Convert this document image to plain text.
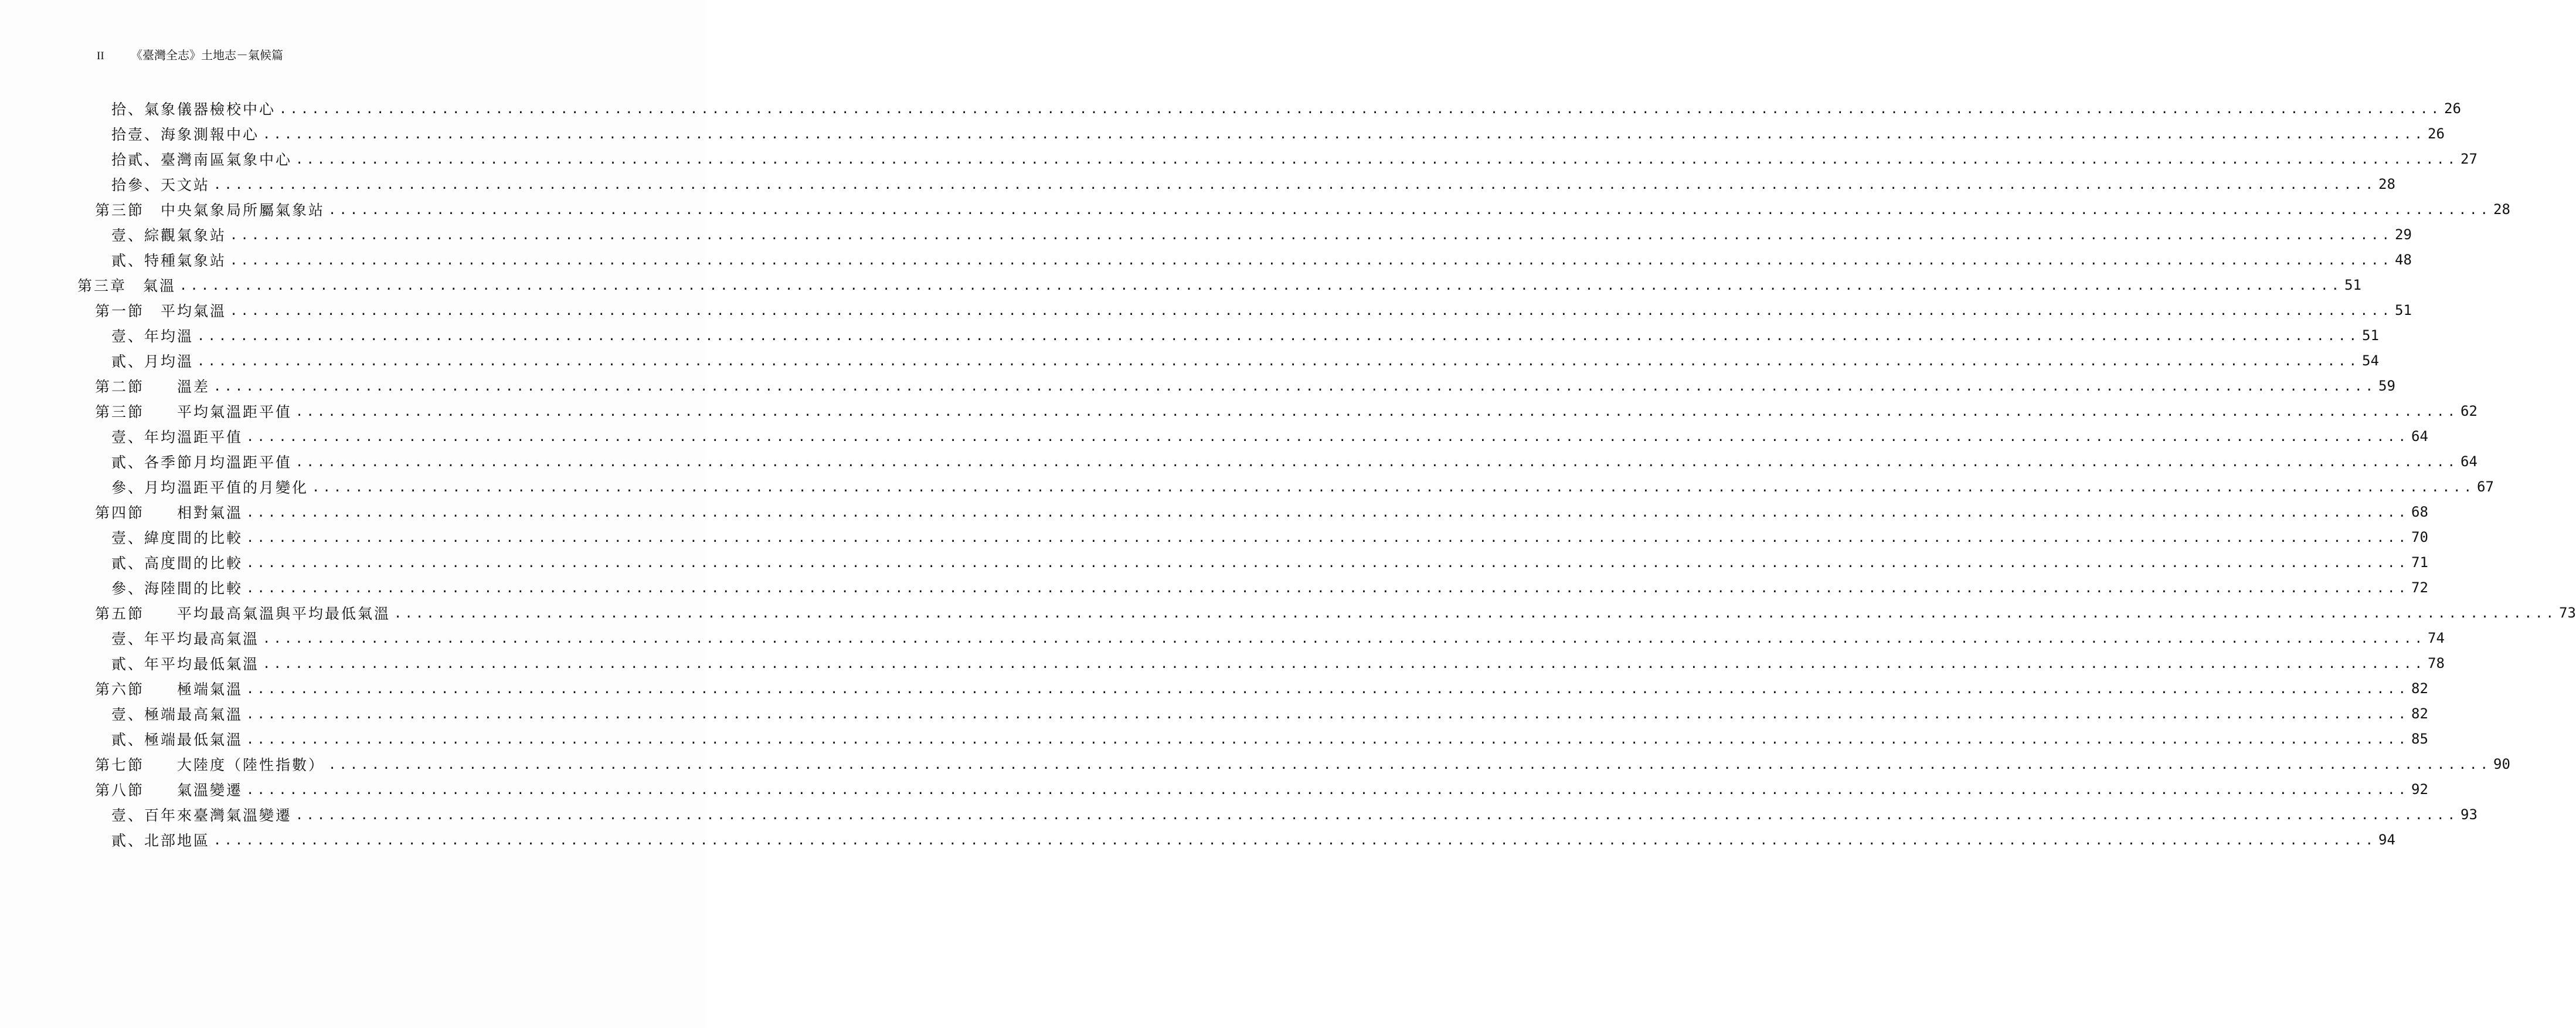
II	《臺灣全志》土地志－氣候篇
拾、氣象儀器檢校中心 ........................................................................................................................................................................................................ 26
拾壹、海象測報中心 ........................................................................................................................................................................................................ 26
拾貳、臺灣南區氣象中心 ........................................................................................................................................................................................................ 27
拾參、天文站 ........................................................................................................................................................................................................ 28
第三節　中央氣象局所屬氣象站 ........................................................................................................................................................................................................ 28
壹、綜觀氣象站 ........................................................................................................................................................................................................ 29
貳、特種氣象站 ........................................................................................................................................................................................................ 48
第三章　氣溫 ........................................................................................................................................................................................................ 51
第一節　平均氣溫 ........................................................................................................................................................................................................ 51
壹、年均溫 ........................................................................................................................................................................................................ 51
貳、月均溫 ........................................................................................................................................................................................................ 54
第二節　　溫差 ........................................................................................................................................................................................................ 59
第三節　　平均氣溫距平值 ........................................................................................................................................................................................................ 62
壹、年均溫距平值 ........................................................................................................................................................................................................ 64
貳、各季節月均溫距平值 ........................................................................................................................................................................................................ 64
參、月均溫距平值的月變化 ........................................................................................................................................................................................................ 67
第四節　　相對氣溫 ........................................................................................................................................................................................................ 68
壹、緯度間的比較 ........................................................................................................................................................................................................ 70
貳、高度間的比較 ........................................................................................................................................................................................................ 71
參、海陸間的比較 ........................................................................................................................................................................................................ 72
第五節　　平均最高氣溫與平均最低氣溫 ........................................................................................................................................................................................................ 73
壹、年平均最高氣溫 ........................................................................................................................................................................................................ 74
貳、年平均最低氣溫 ........................................................................................................................................................................................................ 78
第六節　　極端氣溫 ........................................................................................................................................................................................................ 82
壹、極端最高氣溫 ........................................................................................................................................................................................................ 82
貳、極端最低氣溫 ........................................................................................................................................................................................................ 85
第七節　　大陸度（陸性指數） ........................................................................................................................................................................................................ 90
第八節　　氣溫變遷 ........................................................................................................................................................................................................ 92
壹、百年來臺灣氣溫變遷 ........................................................................................................................................................................................................ 93
貳、北部地區 ........................................................................................................................................................................................................ 94
